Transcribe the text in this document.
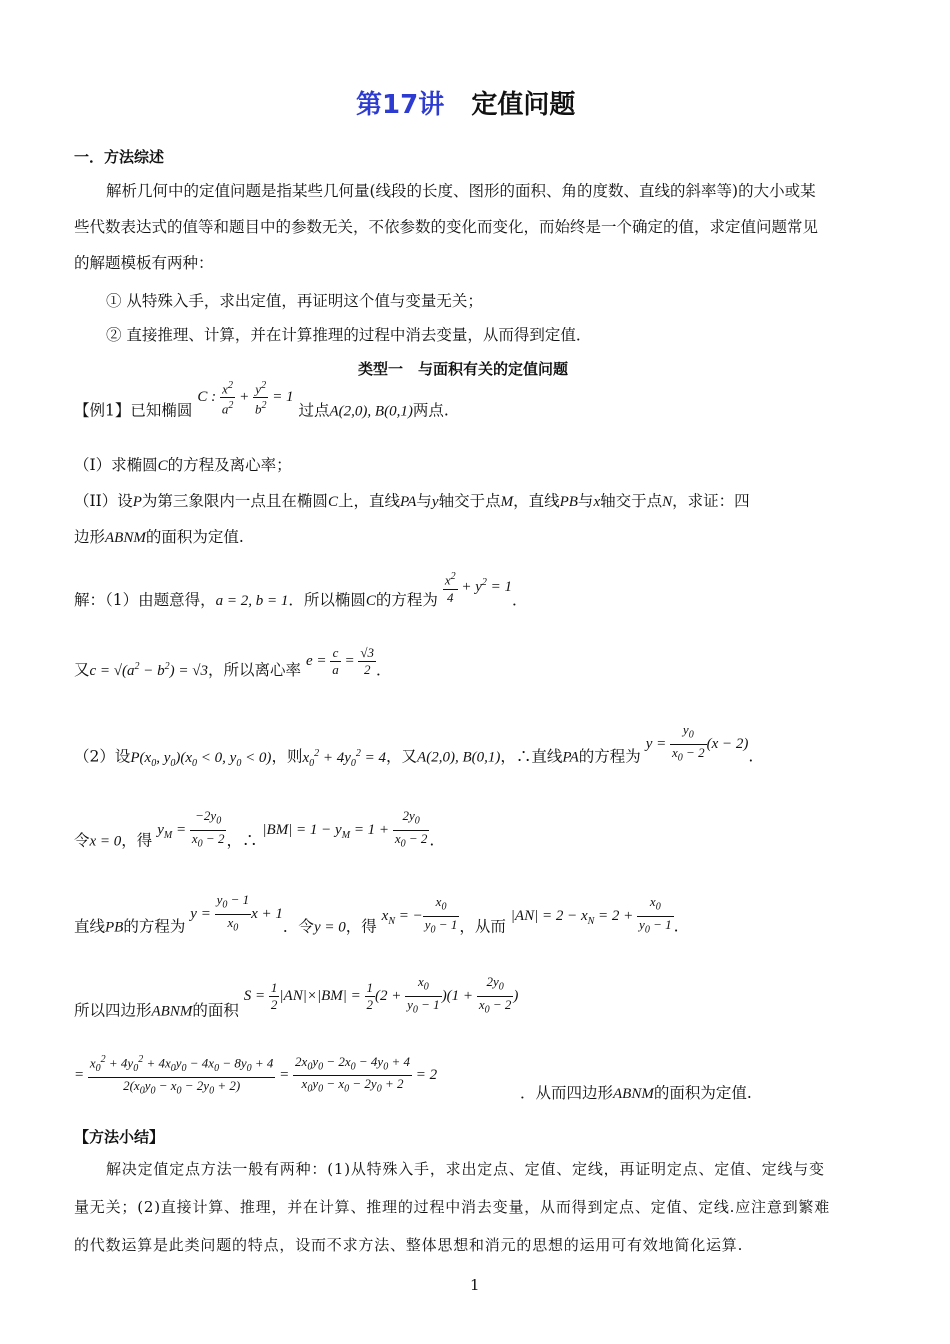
第17讲 定值问题
一．方法综述
解析几何中的定值问题是指某些几何量(线段的长度、图形的面积、角的度数、直线的斜率等)的大小或某
些代数表达式的值等和题目中的参数无关，不依参数的变化而变化，而始终是一个确定的值，求定值问题常见
的解题模板有两种：
① 从特殊入手，求出定值，再证明这个值与变量无关；
② 直接推理、计算，并在计算推理的过程中消去变量，从而得到定值．
类型一　与面积有关的定值问题
【例1】已知椭圆 C : $\frac{x^2}{a^2} + \frac{y^2}{b^2} = 1$ 过点A(2,0), B(0,1)两点.
（I）求椭圆C的方程及离心率；
（II）设P为第三象限内一点且在椭圆C上，直线PA与y轴交于点M，直线PB与x轴交于点N，求证：四
边形ABNM的面积为定值.
解：（1）由题意得，a = 2, b = 1．所以椭圆C的方程为 $\frac{x^2}{4} + y^2 = 1$．
又$c = √(a^2 - b^2) = √3$，所以离心率 $e = \frac{c}{a} = \frac{√3}{2}$ ．
（2）设$P(x_0$, $y_0)(x_0 < 0$, $y_0 < 0$)，则$x_0^2 + 4y_0^2 = 4$，又A(2,0), B(0,1)，∴直线PA的方程为 $y = \frac{y_0}{x_0 - 2} (x - 2)$.
令x = 0，得 $y_M = \frac{-2y_0}{x_0 - 2}$ ，∴ $|BM| = 1 - y_M = 1 + \frac{2y_0}{x_0 - 2}$ .
直线PB的方程为 $y = \frac{y_0 - 1}{x_0}$ x + 1．令y = 0，得 $x_N$ = − $\frac{x_0}{y_0 - 1}$ ，从而 $|AN| = 2 - x_N = 2 + \frac{x_0}{y_0 - 1}$ .
所以四边形ABNM的面积 $S = \frac{1}{2} |AN|\times|BM| = \frac{1}{2} (2 + \frac{x_0}{y_0 - 1} )(1 + \frac{2y_0}{x_0 - 2}$ )
= $\frac{x_0^2 + 4y_0^2 + 4x_0y_0 - 4x_0 - 8y_0 + 4}{2(x_0y_0 - x_0 - 2y_0 + 2)} = \frac{2x_0y_0 - 2x_0 - 4y_0 + 4}{x_0y_0 - x_0 - 2y_0 + 2} = 2$
．从而四边形ABNM的面积为定值.
【方法小结】
解决定值定点方法一般有两种：(1)从特殊入手，求出定点、定值、定线，再证明定点、定值、定线与变
量无关；(2)直接计算、推理，并在计算、推理的过程中消去变量，从而得到定点、定值、定线.应注意到繁难
的代数运算是此类问题的特点，设而不求方法、整体思想和消元的思想的运用可有效地简化运算.
1
